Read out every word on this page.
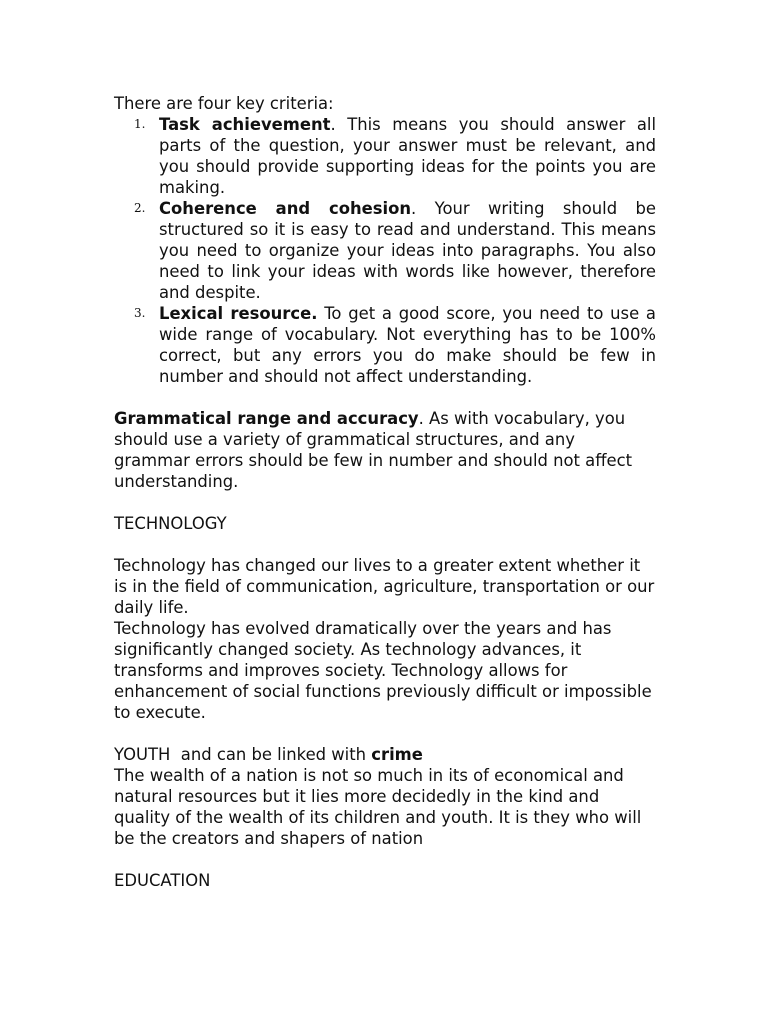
There are four key criteria:

1. Task achievement. This means you should answer all parts of the question, your answer must be relevant, and you should provide supporting ideas for the points you are making.
2. Coherence and cohesion. Your writing should be structured so it is easy to read and understand. This means you need to organize your ideas into paragraphs. You also need to link your ideas with words like however, therefore and despite.
3. Lexical resource. To get a good score, you need to use a wide range of vocabulary. Not everything has to be 100% correct, but any errors you do make should be few in number and should not affect understanding.

Grammatical range and accuracy. As with vocabulary, you should use a variety of grammatical structures, and any grammar errors should be few in number and should not affect understanding.

TECHNOLOGY

Technology has changed our lives to a greater extent whether it is in the field of communication, agriculture, transportation or our daily life.

Technology has evolved dramatically over the years and has significantly changed society. As technology advances, it transforms and improves society. Technology allows for enhancement of social functions previously difficult or impossible to execute.

YOUTH  and can be linked with crime

The wealth of a nation is not so much in its of economical and natural resources but it lies more decidedly in the kind and quality of the wealth of its children and youth. It is they who will be the creators and shapers of nation

EDUCATION
